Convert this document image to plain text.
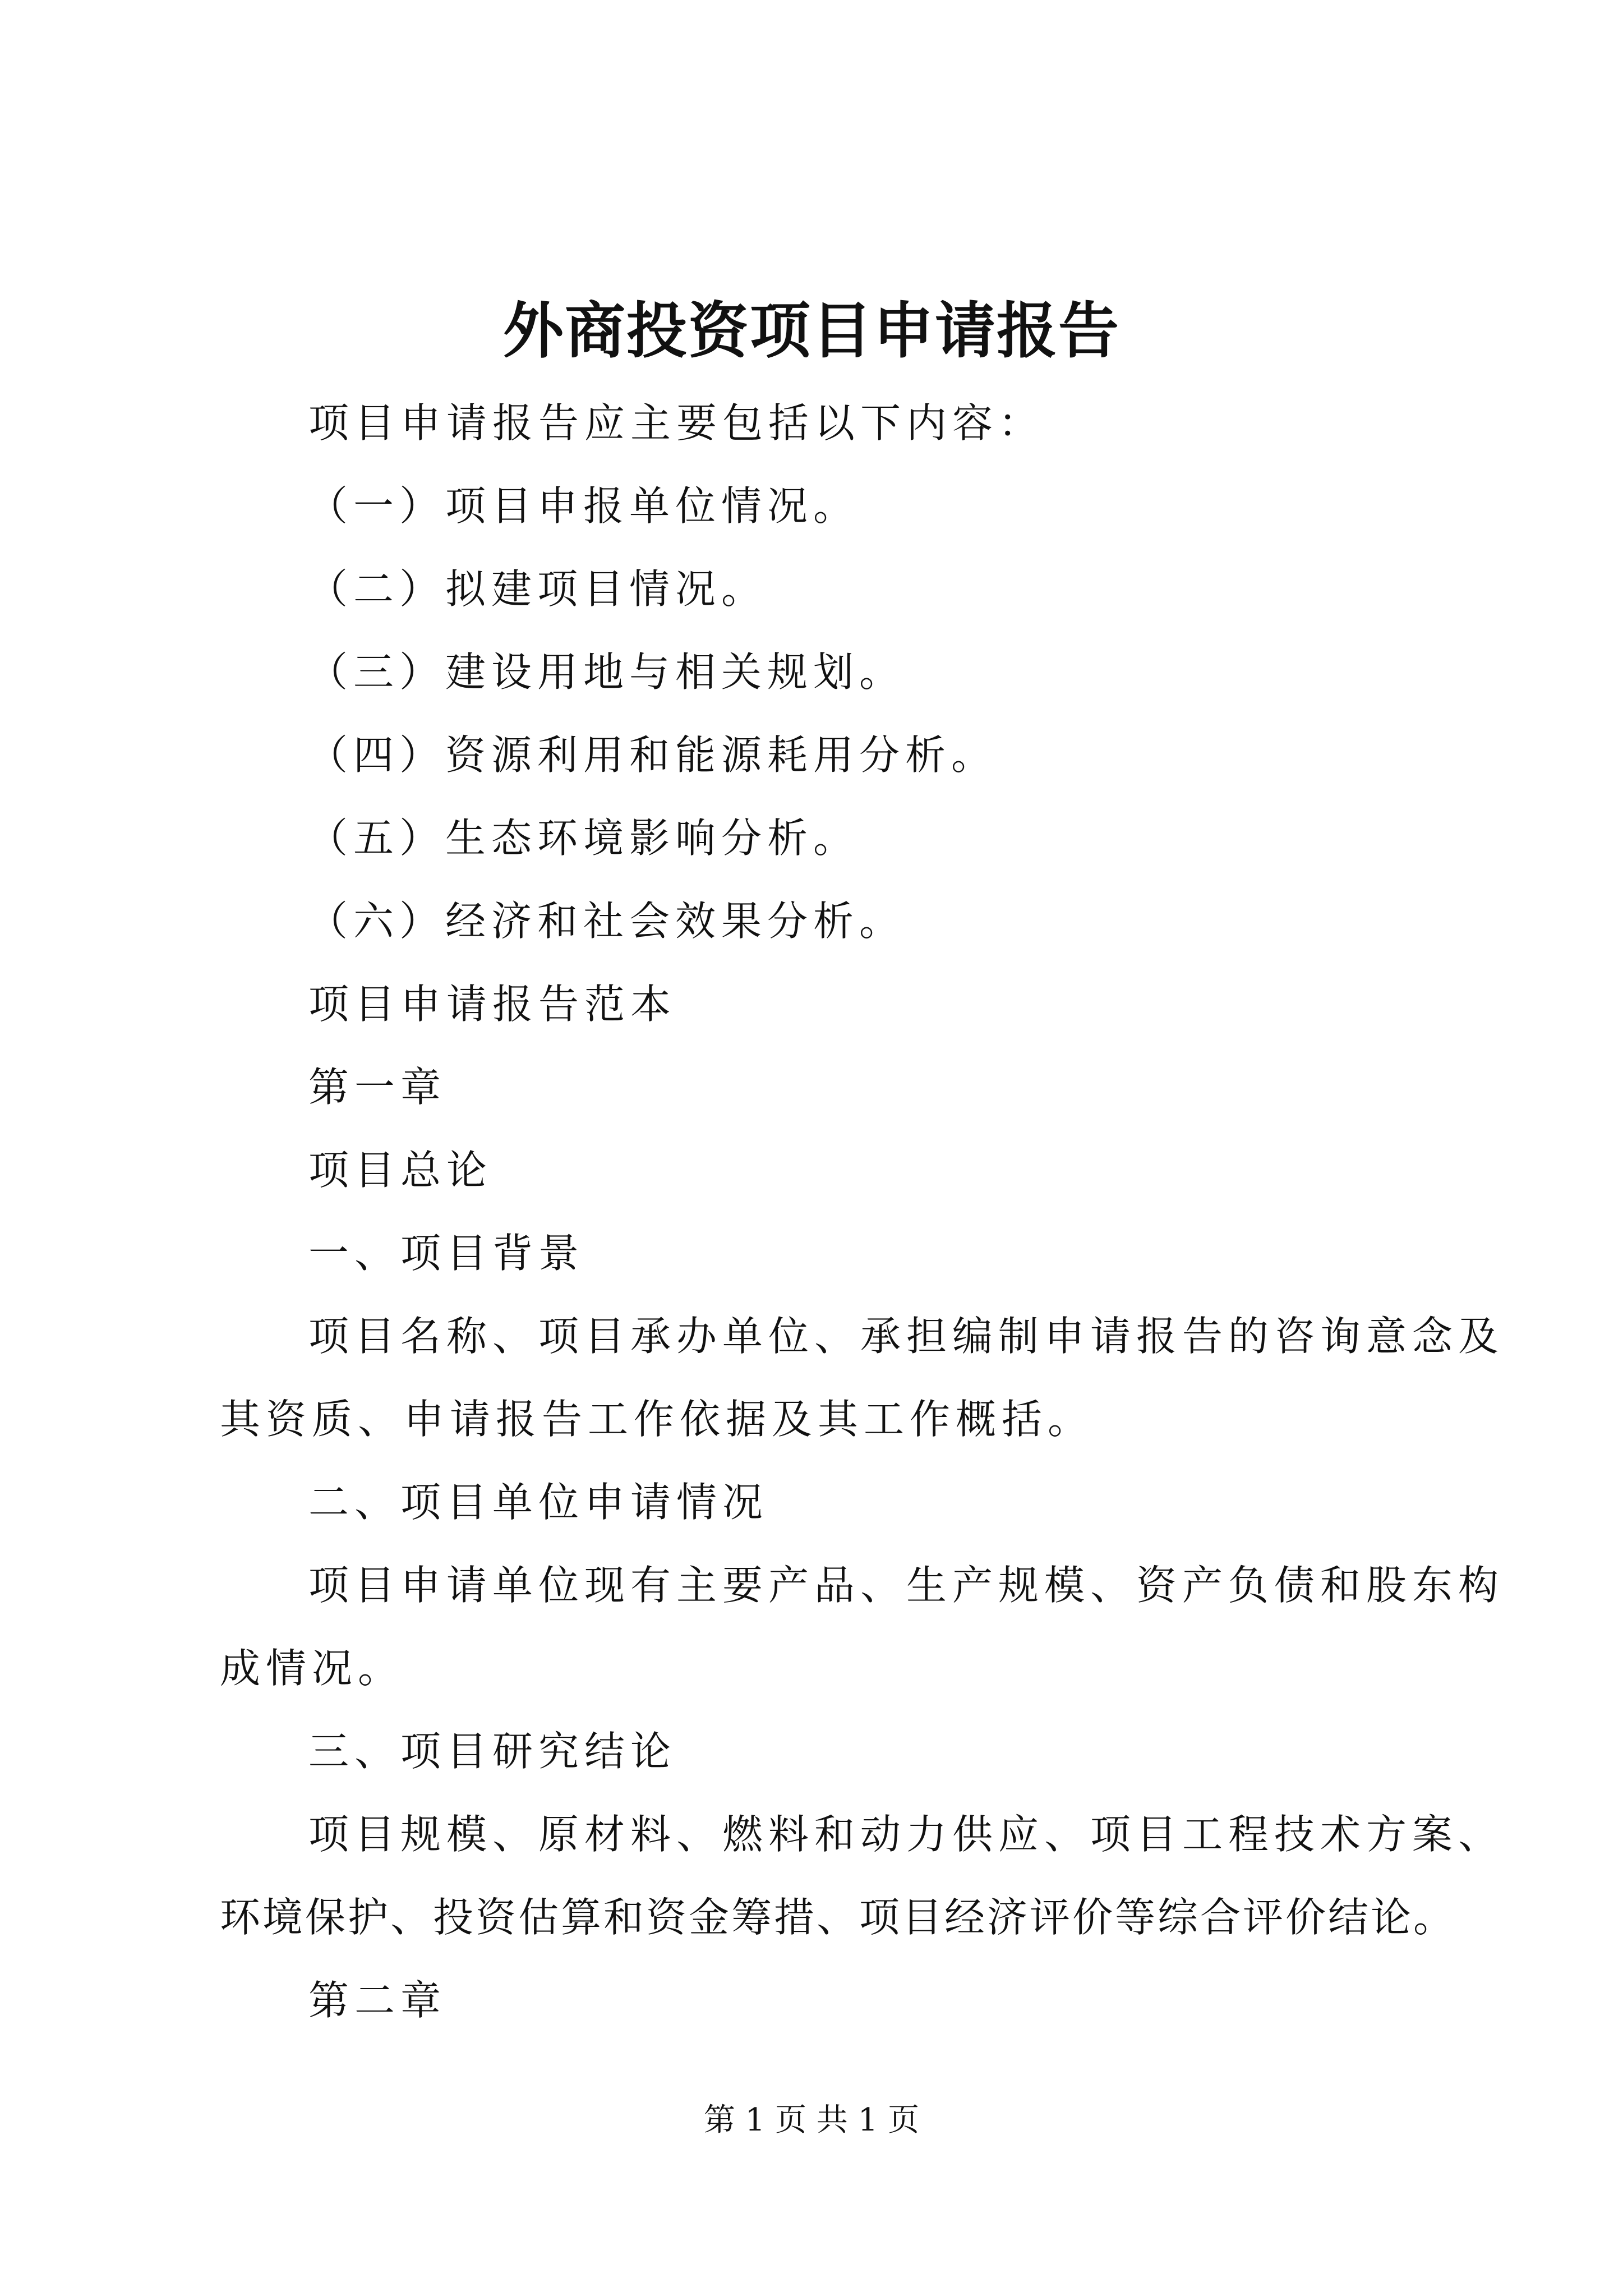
外商投资项目申请报告

项目申请报告应主要包括以下内容：

（一）项目申报单位情况。

（二）拟建项目情况。

（三）建设用地与相关规划。

（四）资源利用和能源耗用分析。

（五）生态环境影响分析。

（六）经济和社会效果分析。

项目申请报告范本

第一章

项目总论

一、项目背景

项目名称、项目承办单位、承担编制申请报告的咨询意念及

其资质、申请报告工作依据及其工作概括。

二、项目单位申请情况

项目申请单位现有主要产品、生产规模、资产负债和股东构

成情况。

三、项目研究结论

项目规模、原材料、燃料和动力供应、项目工程技术方案、

环境保护、投资估算和资金筹措、项目经济评价等综合评价结论。

第二章

第 1 页 共 1 页
